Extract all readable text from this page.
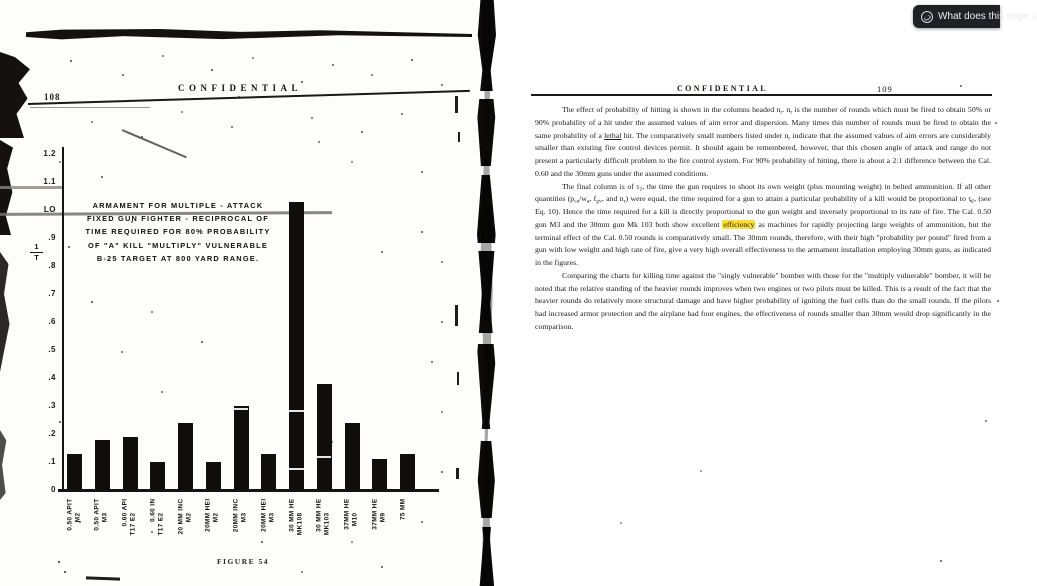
108
CONFIDENTIAL
1.2
1.1
LO
.9
.8
.7
.6
.5
.4
.3
.2
.1
0
1
T
ARMAMENT FOR MULTIPLE - ATTACK
FIXED GUN FIGHTER - RECIPROCAL OF
TIME REQUIRED FOR 80% PROBABILITY
OF "A" KILL "MULTIPLY" VULNERABLE
B-25 TARGET AT 800 YARD RANGE.
0.50 APIT M2 0.50 APIT M3 0.60 API T17 E2
0.60 IN
T17 E2 20 MM INC M2 20MM HEI M2 20MM INC M3 20MM HEI M3 30 MM HE MK108 30 MM HE MK103 37MM HE M10 37MM HE M9 75 MM
FIGURE 54
CONFIDENTIAL	109

The effect of probability of hitting is shown in the columns headed $n_r$. $n_r$ is the number of rounds which must be fired to obtain 50% or 90% probability of a hit under the assumed values of aim error and dispersion. Many times this number of rounds must be fired to obtain the same probability of a lethal hit. The comparatively small numbers listed under $n_r$ indicate that the assumed values of aim errors are considerably smaller than existing fire control devices permit. It should again be remembered, however, that this chosen angle of attack and range do not present a particularly difficult problem to the fire control system. For 90% probability of hitting, there is about a 2:1 difference between the Cal. 0.60 and the 30mm guns under the assumed conditions.

The final column is of $\tau_2$, the time the gun requires to shoot its own weight (plus mounting weight) in belted ammunition. If all other quantities ($p_{ca}/w_a$, $f_{gv}$, and $n_r$) were equal, the time required for a gun to attain a particular probability of a kill would be proportional to $\tau_2$, (see Eq. 10). Hence the time required for a kill is directly proportional to the gun weight and inversely proportional to its rate of fire. The Cal. 0.50 gun M3 and the 30mm gun Mk 103 both show excellent efficiency as machines for rapidly projecting large weights of ammunition, but the terminal effect of the Cal. 0.50 rounds is comparatively small. The 30mm rounds, therefore, with their high "probability per pound" fired from a gun with low weight and high rate of fire, give a very high overall effectiveness to the armament installation employing 30mm guns, as indicated in the figures.

Comparing the charts for killing time against the "singly vulnerable" bomber with those for the "multiply vulnerable" bomber, it will be noted that the relative standing of the heavier rounds improves when two engines or two pilots must be killed. This is a result of the fact that the heavier rounds do relatively more structural damage and have higher probability of igniting the fuel cells than do the small rounds. If the pilots had increased armor protection and the airplane had four engines, the effectiveness of rounds smaller than 30mm would drop significantly in the comparison.

What does this page s
